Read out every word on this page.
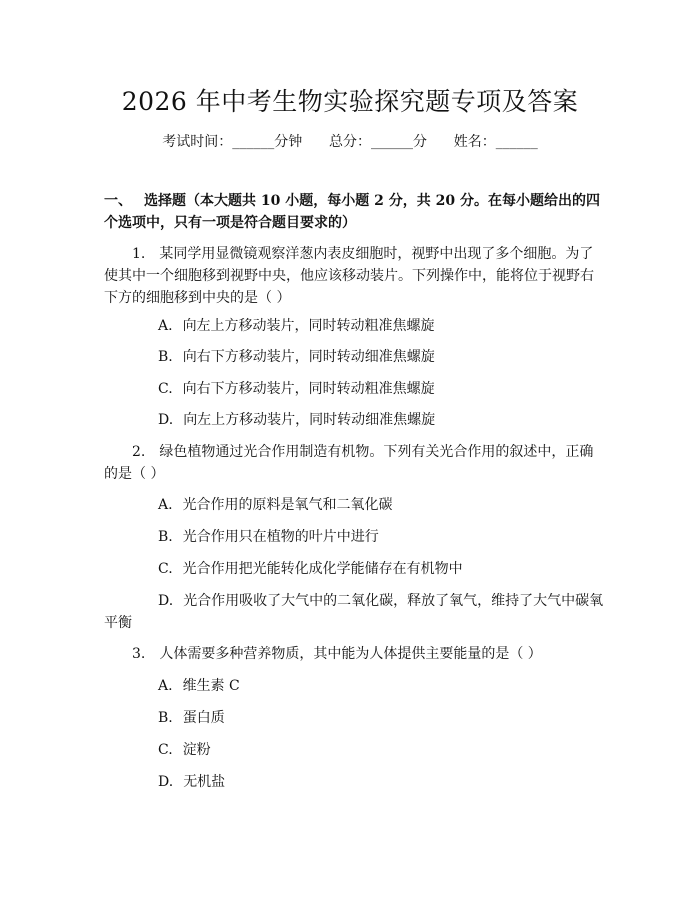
2026 年中考生物实验探究题专项及答案
考试时间：______分钟 总分：______分 姓名：______
一、 选择题（本大题共 10 小题，每小题 2 分，共 20 分。在每小题给出的四个选项中，只有一项是符合题目要求的）
1. 某同学用显微镜观察洋葱内表皮细胞时，视野中出现了多个细胞。为了使其中一个细胞移到视野中央，他应该移动装片。下列操作中，能将位于视野右下方的细胞移到中央的是（ ）
A. 向左上方移动装片，同时转动粗准焦螺旋
B. 向右下方移动装片，同时转动细准焦螺旋
C. 向右下方移动装片，同时转动粗准焦螺旋
D. 向左上方移动装片，同时转动细准焦螺旋
2. 绿色植物通过光合作用制造有机物。下列有关光合作用的叙述中，正确的是（ ）
A. 光合作用的原料是氧气和二氧化碳
B. 光合作用只在植物的叶片中进行
C. 光合作用把光能转化成化学能储存在有机物中
D. 光合作用吸收了大气中的二氧化碳，释放了氧气，维持了大气中碳氧平衡
3. 人体需要多种营养物质，其中能为人体提供主要能量的是（ ）
A. 维生素 C
B. 蛋白质
C. 淀粉
D. 无机盐
